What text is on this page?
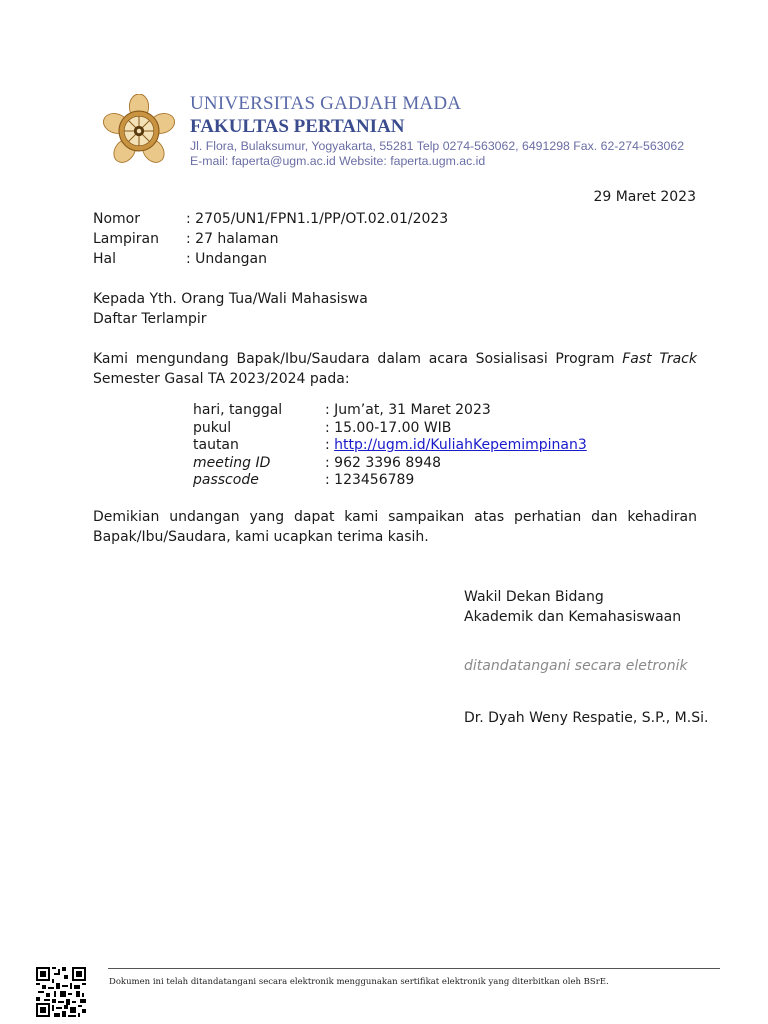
UNIVERSITAS GADJAH MADA
FAKULTAS PERTANIAN
Jl. Flora, Bulaksumur, Yogyakarta, 55281 Telp 0274-563062, 6491298 Fax. 62-274-563062
E-mail: faperta@ugm.ac.id Website: faperta.ugm.ac.id
29 Maret 2023
Nomor	: 2705/UN1/FPN1.1/PP/OT.02.01/2023
Lampiran	: 27 halaman
Hal	: Undangan
Kepada Yth. Orang Tua/Wali Mahasiswa
Daftar Terlampir
Kami mengundang Bapak/Ibu/Saudara dalam acara Sosialisasi Program Fast Track Semester Gasal TA 2023/2024 pada:
hari, tanggal	: Jum’at, 31 Maret 2023
pukul	: 15.00-17.00 WIB
tautan	: http://ugm.id/KuliahKepemimpinan3
meeting ID	: 962 3396 8948
passcode	: 123456789
Demikian undangan yang dapat kami sampaikan atas perhatian dan kehadiran Bapak/Ibu/Saudara, kami ucapkan terima kasih.
Wakil Dekan Bidang
Akademik dan Kemahasiswaan
ditandatangani secara eletronik
Dr. Dyah Weny Respatie, S.P., M.Si.
Dokumen ini telah ditandatangani secara elektronik menggunakan sertifikat elektronik yang diterbitkan oleh BSrE.
